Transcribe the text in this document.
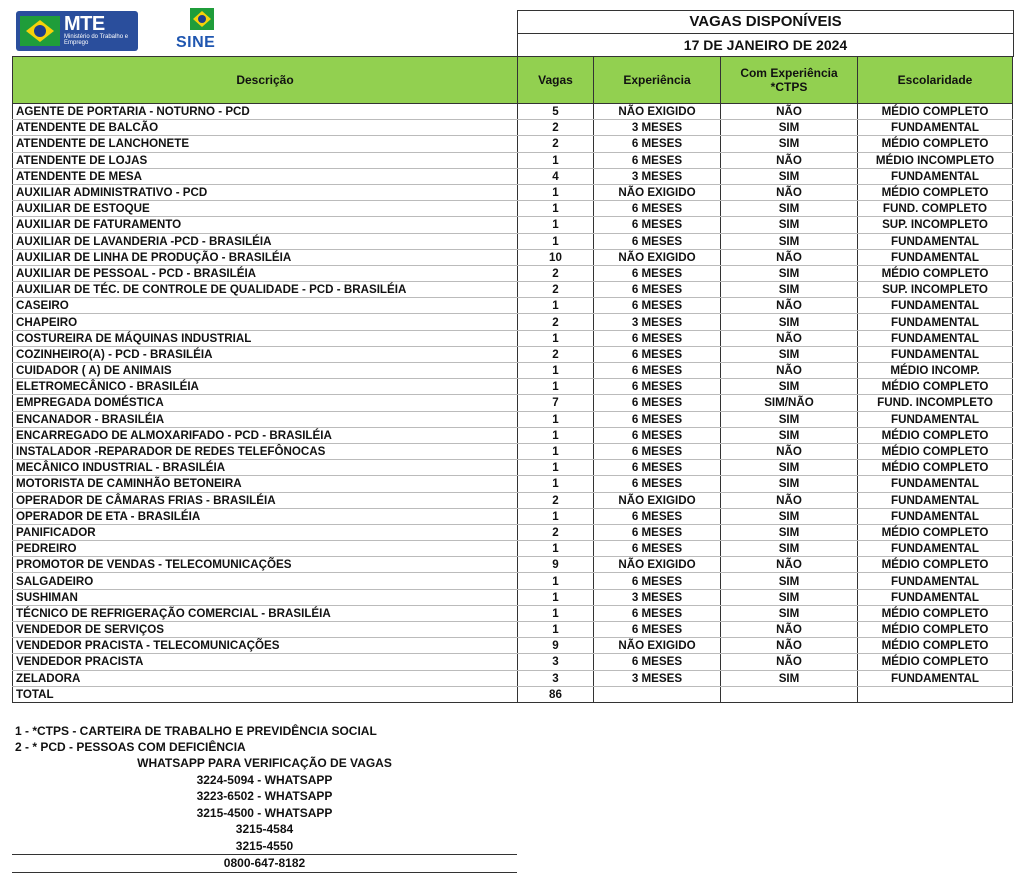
MTE
Ministério do Trabalho e Emprego	SINE
VAGAS DISPONÍVEIS
17 DE JANEIRO DE 2024
Descrição	Vagas	Experiência	Com Experiência *CTPS	Escolaridade
AGENTE DE PORTARIA - NOTURNO - PCD	5	NÃO EXIGIDO	NÃO	MÉDIO COMPLETO
ATENDENTE DE BALCÃO	2	3 MESES	SIM	FUNDAMENTAL
ATENDENTE DE LANCHONETE	2	6 MESES	SIM	MÉDIO COMPLETO
ATENDENTE DE LOJAS	1	6 MESES	NÃO	MÉDIO INCOMPLETO
ATENDENTE DE MESA	4	3 MESES	SIM	FUNDAMENTAL
AUXILIAR ADMINISTRATIVO - PCD	1	NÃO EXIGIDO	NÃO	MÉDIO COMPLETO
AUXILIAR DE ESTOQUE	1	6 MESES	SIM	FUND. COMPLETO
AUXILIAR DE FATURAMENTO	1	6 MESES	SIM	SUP. INCOMPLETO
AUXILIAR DE LAVANDERIA -PCD - BRASILÉIA	1	6 MESES	SIM	FUNDAMENTAL
AUXILIAR DE LINHA DE PRODUÇÃO - BRASILÉIA	10	NÃO EXIGIDO	NÃO	FUNDAMENTAL
AUXILIAR DE PESSOAL - PCD - BRASILÉIA	2	6 MESES	SIM	MÉDIO COMPLETO
AUXILIAR DE TÉC. DE CONTROLE DE QUALIDADE - PCD - BRASILÉIA	2	6 MESES	SIM	SUP. INCOMPLETO
CASEIRO	1	6 MESES	NÃO	FUNDAMENTAL
CHAPEIRO	2	3 MESES	SIM	FUNDAMENTAL
COSTUREIRA DE MÁQUINAS INDUSTRIAL	1	6 MESES	NÃO	FUNDAMENTAL
COZINHEIRO(A) - PCD - BRASILÉIA	2	6 MESES	SIM	FUNDAMENTAL
CUIDADOR ( A) DE ANIMAIS	1	6 MESES	NÃO	MÉDIO INCOMP.
ELETROMECÂNICO - BRASILÉIA	1	6 MESES	SIM	MÉDIO COMPLETO
EMPREGADA DOMÉSTICA	7	6 MESES	SIM/NÃO	FUND. INCOMPLETO
ENCANADOR - BRASILÉIA	1	6 MESES	SIM	FUNDAMENTAL
ENCARREGADO DE ALMOXARIFADO - PCD - BRASILÉIA	1	6 MESES	SIM	MÉDIO COMPLETO
INSTALADOR -REPARADOR DE REDES TELEFÔNOCAS	1	6 MESES	NÃO	MÉDIO COMPLETO
MECÂNICO INDUSTRIAL - BRASILÉIA	1	6 MESES	SIM	MÉDIO COMPLETO
MOTORISTA DE CAMINHÃO BETONEIRA	1	6 MESES	SIM	FUNDAMENTAL
OPERADOR DE CÂMARAS FRIAS - BRASILÉIA	2	NÃO EXIGIDO	NÃO	FUNDAMENTAL
OPERADOR DE ETA - BRASILÉIA	1	6 MESES	SIM	FUNDAMENTAL
PANIFICADOR	2	6 MESES	SIM	MÉDIO COMPLETO
PEDREIRO	1	6 MESES	SIM	FUNDAMENTAL
PROMOTOR DE VENDAS - TELECOMUNICAÇÕES	9	NÃO EXIGIDO	NÃO	MÉDIO COMPLETO
SALGADEIRO	1	6 MESES	SIM	FUNDAMENTAL
SUSHIMAN	1	3 MESES	SIM	FUNDAMENTAL
TÉCNICO DE REFRIGERAÇÃO COMERCIAL - BRASILÉIA	1	6 MESES	SIM	MÉDIO COMPLETO
VENDEDOR DE SERVIÇOS	1	6 MESES	NÃO	MÉDIO COMPLETO
VENDEDOR PRACISTA - TELECOMUNICAÇÕES	9	NÃO EXIGIDO	NÃO	MÉDIO COMPLETO
VENDEDOR PRACISTA	3	6 MESES	NÃO	MÉDIO COMPLETO
ZELADORA	3	3 MESES	SIM	FUNDAMENTAL
TOTAL	86			
1 - *CTPS - CARTEIRA DE TRABALHO E PREVIDÊNCIA SOCIAL
2 - * PCD - PESSOAS COM DEFICIÊNCIA
WHATSAPP PARA VERIFICAÇÃO DE VAGAS
3224-5094 - WHATSAPP
3223-6502 - WHATSAPP
3215-4500 - WHATSAPP
3215-4584
3215-4550
0800-647-8182
